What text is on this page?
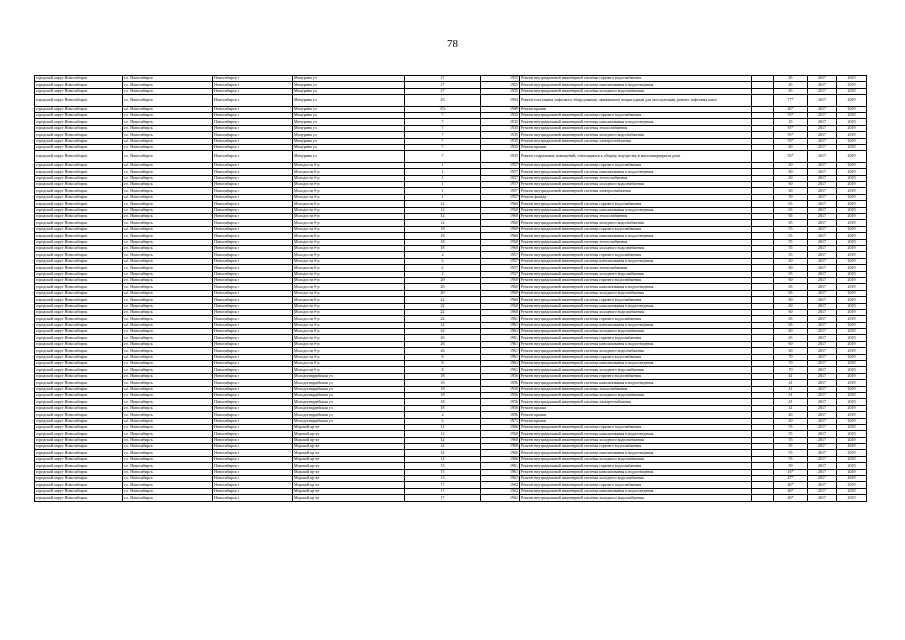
78
городской округ Новосибирск	г.о. Новосибирск	Новосибирск г	Мичурина ул	27	1955	Ремонт внутридомовой инженерной системы горячего водоснабжения		45	2017	2019
городской округ Новосибирск	г.о. Новосибирск	Новосибирск г	Мичурина ул	27	1955	Ремонт внутридомовой инженерной системы канализования и водоотведения		45	2017	2019
городской округ Новосибирск	г.о. Новосибирск	Новосибирск г	Мичурина ул	27	1955	Ремонт внутридомовой инженерной системы холодного водоснабжения		45	2017	2019
городской округ Новосибирск	г.о. Новосибирск	Новосибирск г	Мичурина ул	29	1994	Ремонт или замена лифтового оборудования, признанного непригодным для эксплуатации, ремонт лифтовых шахт		77*	2017	2019
городской округ Новосибирск	г.о. Новосибирск	Новосибирск г	Мичурина ул	37а	1989	Ремонт крыши		46*	2017	2019
городской округ Новосибирск	г.о. Новосибирск	Новосибирск г	Мичурина ул	7	1935	Ремонт внутридомовой инженерной системы горячего водоснабжения		55*	2017	2019
городской округ Новосибирск	г.о. Новосибирск	Новосибирск г	Мичурина ул	7	1935	Ремонт внутридомовой инженерной системы канализования и водоотведения		45	2017	2019
городской округ Новосибирск	г.о. Новосибирск	Новосибирск г	Мичурина ул	7	1935	Ремонт внутридомовой инженерной системы теплоснабжения		55*	2017	2019
городской округ Новосибирск	г.о. Новосибирск	Новосибирск г	Мичурина ул	7	1935	Ремонт внутридомовой инженерной системы холодного водоснабжения		55*	2017	2019
городской округ Новосибирск	г.о. Новосибирск	Новосибирск г	Мичурина ул	7	1935	Ремонт внутридомовой инженерной системы электроснабжения		55*	2017	2019
городской округ Новосибирск	г.о. Новосибирск	Новосибирск г	Мичурина ул	7	1935	Ремонт крыши		60	2017	2019
городской округ Новосибирск	г.о. Новосибирск	Новосибирск г	Мичурина ул	7	1935	Ремонт подвальных помещений, относящихся к общему имуществу в многоквартирном доме		55*	2017	2019
городской округ Новосибирск	г.о. Новосибирск	Новосибирск г	Молодости б-р	1	1957	Ремонт внутридомовой инженерной системы горячего водоснабжения		60	2017	2019
городской округ Новосибирск	г.о. Новосибирск	Новосибирск г	Молодости б-р	1	1957	Ремонт внутридомовой инженерной системы канализования и водоотведения		60	2017	2019
городской округ Новосибирск	г.о. Новосибирск	Новосибирск г	Молодости б-р	1	1957	Ремонт внутридомовой инженерной системы теплоснабжения		60	2017	2019
городской округ Новосибирск	г.о. Новосибирск	Новосибирск г	Молодости б-р	1	1957	Ремонт внутридомовой инженерной системы холодного водоснабжения		60	2017	2019
городской округ Новосибирск	г.о. Новосибирск	Новосибирск г	Молодости б-р	1	1957	Ремонт внутридомовой инженерной системы электроснабжения		60	2017	2019
городской округ Новосибирск	г.о. Новосибирск	Новосибирск г	Молодости б-р	1	1957	Ремонт фасада		50	2017	2019
городской округ Новосибирск	г.о. Новосибирск	Новосибирск г	Молодости б-р	12	1960	Ремонт внутридомовой инженерной системы горячего водоснабжения		65	2017	2019
городской округ Новосибирск	г.о. Новосибирск	Новосибирск г	Молодости б-р	12	1960	Ремонт внутридомовой инженерной системы канализования и водоотведения		65	2017	2019
городской округ Новосибирск	г.о. Новосибирск	Новосибирск г	Молодости б-р	12	1960	Ремонт внутридомовой инженерной системы теплоснабжения		65	2017	2019
городской округ Новосибирск	г.о. Новосибирск	Новосибирск г	Молодости б-р	12	1960	Ремонт внутридомовой инженерной системы холодного водоснабжения		65	2017	2019
городской округ Новосибирск	г.о. Новосибирск	Новосибирск г	Молодости б-р	18	1960	Ремонт внутридомовой инженерной системы горячего водоснабжения		55	2017	2019
городской округ Новосибирск	г.о. Новосибирск	Новосибирск г	Молодости б-р	18	1960	Ремонт внутридомовой инженерной системы канализования и водоотведения		55	2017	2019
городской округ Новосибирск	г.о. Новосибирск	Новосибирск г	Молодости б-р	18	1960	Ремонт внутридомовой инженерной системы теплоснабжения		55	2017	2019
городской округ Новосибирск	г.о. Новосибирск	Новосибирск г	Молодости б-р	18	1960	Ремонт внутридомовой инженерной системы холодного водоснабжения		55	2017	2019
городской округ Новосибирск	г.о. Новосибирск	Новосибирск г	Молодости б-р	2	1957	Ремонт внутридомовой инженерной системы горячего водоснабжения		55	2017	2019
городской округ Новосибирск	г.о. Новосибирск	Новосибирск г	Молодости б-р	2	1957	Ремонт внутридомовой инженерной системы канализования и водоотведения		60	2017	2019
городской округ Новосибирск	г.о. Новосибирск	Новосибирск г	Молодости б-р	2	1957	Ремонт внутридомовой инженерной системы теплоснабжения		60	2017	2019
городской округ Новосибирск	г.о. Новосибирск	Новосибирск г	Молодости б-р	2	1957	Ремонт внутридомовой инженерной системы холодного водоснабжения		55	2017	2019
городской округ Новосибирск	г.о. Новосибирск	Новосибирск г	Молодости б-р	20	1960	Ремонт внутридомовой инженерной системы горячего водоснабжения		60	2017	2019
городской округ Новосибирск	г.о. Новосибирск	Новосибирск г	Молодости б-р	20	1960	Ремонт внутридомовой инженерной системы канализования и водоотведения		65	2017	2019
городской округ Новосибирск	г.о. Новосибирск	Новосибирск г	Молодости б-р	20	1960	Ремонт внутридомовой инженерной системы холодного водоснабжения		65	2017	2019
городской округ Новосибирск	г.о. Новосибирск	Новосибирск г	Молодости б-р	22	1960	Ремонт внутридомовой инженерной системы горячего водоснабжения		60	2017	2019
городской округ Новосибирск	г.о. Новосибирск	Новосибирск г	Молодости б-р	22	1960	Ремонт внутридомовой инженерной системы канализования и водоотведения		60	2017	2019
городской округ Новосибирск	г.о. Новосибирск	Новосибирск г	Молодости б-р	22	1960	Ремонт внутридомовой инженерной системы холодного водоснабжения		60	2017	2019
городской округ Новосибирск	г.о. Новосибирск	Новосибирск г	Молодости б-р	24	1961	Ремонт внутридомовой инженерной системы горячего водоснабжения		65	2017	2019
городской округ Новосибирск	г.о. Новосибирск	Новосибирск г	Молодости б-р	24	1961	Ремонт внутридомовой инженерной системы канализования и водоотведения		65	2017	2019
городской округ Новосибирск	г.о. Новосибирск	Новосибирск г	Молодости б-р	24	1961	Ремонт внутридомовой инженерной системы холодного водоснабжения		60	2017	2019
городской округ Новосибирск	г.о. Новосибирск	Новосибирск г	Молодости б-р	26	1961	Ремонт внутридомовой инженерной системы горячего водоснабжения		65	2017	2019
городской округ Новосибирск	г.о. Новосибирск	Новосибирск г	Молодости б-р	26	1961	Ремонт внутридомовой инженерной системы канализования и водоотведения		60	2017	2019
городской округ Новосибирск	г.о. Новосибирск	Новосибирск г	Молодости б-р	26	1961	Ремонт внутридомовой инженерной системы холодного водоснабжения		60	2017	2019
городской округ Новосибирск	г.о. Новосибирск	Новосибирск г	Молодости б-р	8	1961	Ремонт внутридомовой инженерной системы горячего водоснабжения		70	2017	2019
городской округ Новосибирск	г.о. Новосибирск	Новосибирск г	Молодости б-р	8	1961	Ремонт внутридомовой инженерной системы канализования и водоотведения		70	2017	2019
городской округ Новосибирск	г.о. Новосибирск	Новосибирск г	Молодости б-р	8	1961	Ремонт внутридомовой инженерной системы холодного водоснабжения		70	2017	2019
городской округ Новосибирск	г.о. Новосибирск	Новосибирск г	Молодогвардейская ул	18	1956	Ремонт внутридомовой инженерной системы горячего водоснабжения		41	2017	2019
городской округ Новосибирск	г.о. Новосибирск	Новосибирск г	Молодогвардейская ул	18	1956	Ремонт внутридомовой инженерной системы канализования и водоотведения		41	2017	2019
городской округ Новосибирск	г.о. Новосибирск	Новосибирск г	Молодогвардейская ул	18	1956	Ремонт внутридомовой инженерной системы теплоснабжения		41	2017	2019
городской округ Новосибирск	г.о. Новосибирск	Новосибирск г	Молодогвардейская ул	18	1956	Ремонт внутридомовой инженерной системы холодного водоснабжения		41	2017	2019
городской округ Новосибирск	г.о. Новосибирск	Новосибирск г	Молодогвардейская ул	18	1956	Ремонт внутридомовой инженерной системы электроснабжения		41	2017	2019
городской округ Новосибирск	г.о. Новосибирск	Новосибирск г	Молодогвардейская ул	18	1956	Ремонт крыши		41	2017	2019
городской округ Новосибирск	г.о. Новосибирск	Новосибирск г	Молодогвардейская ул	2	1956	Ремонт крыши		40	2017	2019
городской округ Новосибирск	г.о. Новосибирск	Новосибирск г	Молодогвардейская ул	2	1971	Ремонт крыши		60	2017	2019
городской округ Новосибирск	г.о. Новосибирск	Новосибирск г	Морской пр-кт	12	1960	Ремонт внутридомовой инженерной системы горячего водоснабжения		55	2017	2019
городской округ Новосибирск	г.о. Новосибирск	Новосибирск г	Морской пр-кт	12	1960	Ремонт внутридомовой инженерной системы канализования и водоотведения		55	2017	2019
городской округ Новосибирск	г.о. Новосибирск	Новосибирск г	Морской пр-кт	12	1960	Ремонт внутридомовой инженерной системы холодного водоснабжения		55	2017	2019
городской округ Новосибирск	г.о. Новосибирск	Новосибирск г	Морской пр-кт	14	1960	Ремонт внутридомовой инженерной системы горячего водоснабжения		55	2017	2019
городской округ Новосибирск	г.о. Новосибирск	Новосибирск г	Морской пр-кт	14	1960	Ремонт внутридомовой инженерной системы канализования и водоотведения		55	2017	2019
городской округ Новосибирск	г.о. Новосибирск	Новосибирск г	Морской пр-кт	14	1960	Ремонт внутридомовой инженерной системы холодного водоснабжения		55	2017	2019
городской округ Новосибирск	г.о. Новосибирск	Новосибирск г	Морской пр-кт	15	1961	Ремонт внутридомовой инженерной системы горячего водоснабжения		50	2017	2019
городской округ Новосибирск	г.о. Новосибирск	Новосибирск г	Морской пр-кт	15	1961	Ремонт внутридомовой инженерной системы канализования и водоотведения		43*	2017	2019
городской округ Новосибирск	г.о. Новосибирск	Новосибирск г	Морской пр-кт	15	1961	Ремонт внутридомовой инженерной системы холодного водоснабжения		47*	2017	2019
городской округ Новосибирск	г.о. Новосибирск	Новосибирск г	Морской пр-кт	17	1962	Ремонт внутридомовой инженерной системы горячего водоснабжения		46*	2017	2019
городской округ Новосибирск	г.о. Новосибирск	Новосибирск г	Морской пр-кт	17	1962	Ремонт внутридомовой инженерной системы канализования и водоотведения		46*	2017	2019
городской округ Новосибирск	г.о. Новосибирск	Новосибирск г	Морской пр-кт	17	1962	Ремонт внутридомовой инженерной системы холодного водоснабжения		46*	2017	2019
